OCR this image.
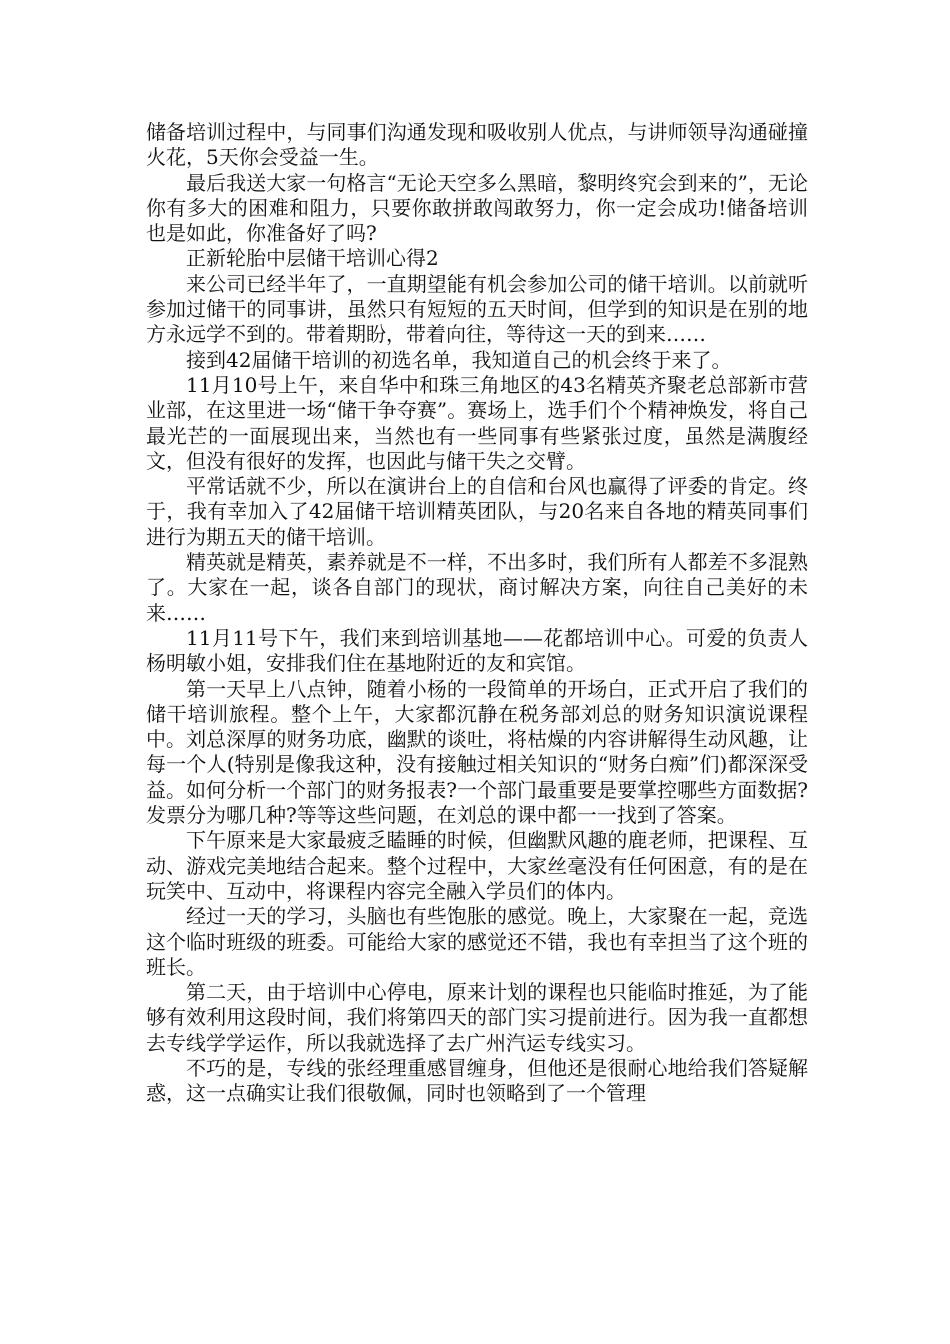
储备培训过程中，与同事们沟通发现和吸收别人优点，与讲师领导沟通碰撞火花，5天你会受益一生。

最后我送大家一句格言“无论天空多么黑暗，黎明终究会到来的”，无论你有多大的困难和阻力，只要你敢拼敢闯敢努力，你一定会成功!储备培训也是如此，你准备好了吗?

正新轮胎中层储干培训心得2

来公司已经半年了，一直期望能有机会参加公司的储干培训。以前就听参加过储干的同事讲，虽然只有短短的五天时间，但学到的知识是在别的地方永远学不到的。带着期盼，带着向往，等待这一天的到来……

接到42届储干培训的初选名单，我知道自己的机会终于来了。

11月10号上午，来自华中和珠三角地区的43名精英齐聚老总部新市营业部，在这里进一场“储干争夺赛”。赛场上，选手们个个精神焕发，将自己最光芒的一面展现出来，当然也有一些同事有些紧张过度，虽然是满腹经文，但没有很好的发挥，也因此与储干失之交臂。

平常话就不少，所以在演讲台上的自信和台风也赢得了评委的肯定。终于，我有幸加入了42届储干培训精英团队，与20名来自各地的精英同事们进行为期五天的储干培训。

精英就是精英，素养就是不一样，不出多时，我们所有人都差不多混熟了。大家在一起，谈各自部门的现状，商讨解决方案，向往自己美好的未来……

11月11号下午，我们来到培训基地——花都培训中心。可爱的负责人杨明敏小姐，安排我们住在基地附近的友和宾馆。

第一天早上八点钟，随着小杨的一段简单的开场白，正式开启了我们的储干培训旅程。整个上午，大家都沉静在税务部刘总的财务知识演说课程中。刘总深厚的财务功底，幽默的谈吐，将枯燥的内容讲解得生动风趣，让每一个人(特别是像我这种，没有接触过相关知识的“财务白痴”们)都深深受益。如何分析一个部门的财务报表?一个部门最重要是要掌控哪些方面数据?发票分为哪几种?等等这些问题，在刘总的课中都一一找到了答案。

下午原来是大家最疲乏瞌睡的时候，但幽默风趣的鹿老师，把课程、互动、游戏完美地结合起来。整个过程中，大家丝毫没有任何困意，有的是在玩笑中、互动中，将课程内容完全融入学员们的体内。

经过一天的学习，头脑也有些饱胀的感觉。晚上，大家聚在一起，竞选这个临时班级的班委。可能给大家的感觉还不错，我也有幸担当了这个班的班长。

第二天，由于培训中心停电，原来计划的课程也只能临时推延，为了能够有效利用这段时间，我们将第四天的部门实习提前进行。因为我一直都想去专线学学运作，所以我就选择了去广州汽运专线实习。

不巧的是，专线的张经理重感冒缠身，但他还是很耐心地给我们答疑解惑，这一点确实让我们很敬佩，同时也领略到了一个管理
